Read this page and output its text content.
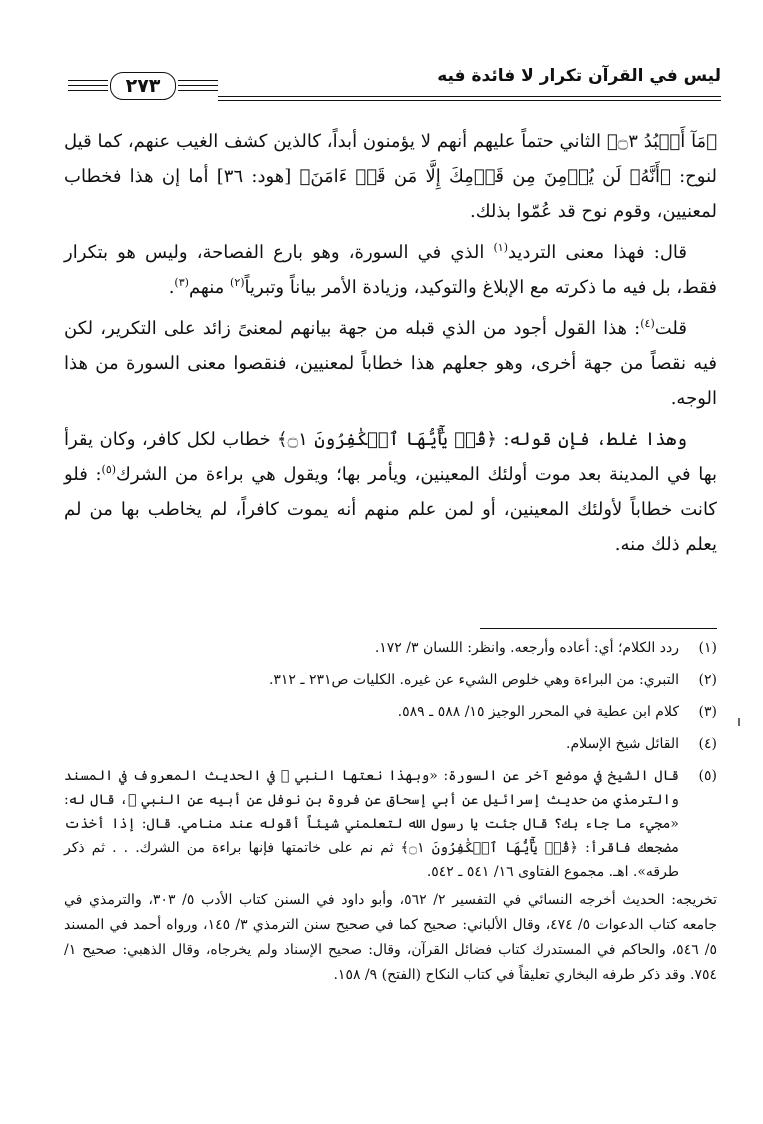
ليس في القرآن تكرار لا فائدة فيه
٢٧٣

﴿مَآ أَعۡبُدُ ۝٣﴾ الثاني حتماً عليهم أنهم لا يؤمنون أبداً، كالذين كشف الغيب عنهم، كما قيل لنوح: ﴿أَنَّهُۥ لَن يُؤۡمِنَ مِن قَوۡمِكَ إِلَّا مَن قَدۡ ءَامَنَ﴾ [هود: ٣٦] أما إن هذا فخطاب لمعنيين، وقوم نوح قد عُمّوا بذلك.

قال: فهذا معنى الترديد$^{(١)}$ الذي في السورة، وهو بارع الفصاحة، وليس هو بتكرار فقط، بل فيه ما ذكرته مع الإبلاغ والتوكيد، وزيادة الأمر بياناً وتبرياً$^{(٢)}$ منهم$^{(٣)}$.

قلت$^{(٤)}$: هذا القول أجود من الذي قبله من جهة بيانهم لمعنىً زائد على التكرير، لكن فيه نقصاً من جهة أخرى، وهو جعلهم هذا خطاباً لمعنيين، فنقصوا معنى السورة من هذا الوجه.

وهذا غلط، فإن قوله: ﴿قُلۡ يَٰٓأَيُّهَا ٱلۡكَٰفِرُونَ ۝١﴾ خطاب لكل كافر، وكان يقرأ بها في المدينة بعد موت أولئك المعينين، ويأمر بها؛ ويقول هي براءة من الشرك$^{(٥)}$: فلو كانت خطاباً لأولئك المعينين، أو لمن علم منهم أنه يموت كافراً، لم يخاطب بها من لم يعلم ذلك منه.

(١)
ردد الكلام؛ أي: أعاده وأرجعه. وانظر: اللسان ٣/ ١٧٢.
(٢)
التبري: من البراءة وهي خلوص الشيء عن غيره. الكليات ص٢٣١ ـ ٣١٢.
(٣)
كلام ابن عطية في المحرر الوجيز ١٥/ ٥٨٨ ـ ٥٨٩.
(٤)
القائل شيخ الإسلام.
(٥)
قال الشيخ في موضع آخر عن السورة: «وبهذا نعتها النبي ﷺ في الحديث المعروف في المسند والترمذي من حديث إسرائيل عن أبي إسحاق عن فروة بن نوفل عن أبيه عن النبي ﷺ، قال له: «مجيء ما جاء بك؟ قال جئت يا رسول الله لتعلمني شيئاً أقوله عند منامي. قال: إذا أخذت مضجعك فاقرأ: ﴿قُلۡ يَٰٓأَيُّهَا ٱلۡكَٰفِرُونَ ۝١﴾ ثم نم على خاتمتها فإنها براءة من الشرك. . . ثم ذكر طرقه». اهـ. مجموع الفتاوى ١٦/ ٥٤١ ـ ٥٤٢.
تخريجه: الحديث أخرجه النسائي في التفسير ٢/ ٥٦٢، وأبو داود في السنن كتاب الأدب ٥/ ٣٠٣، والترمذي في جامعه كتاب الدعوات ٥/ ٤٧٤، وقال الألباني: صحيح كما في صحيح سنن الترمذي ٣/ ١٤٥، ورواه أحمد في المسند ٥/ ٥٤٦، والحاكم في المستدرك كتاب فضائل القرآن، وقال: صحيح الإسناد ولم يخرجاه، وقال الذهبي: صحيح ١/ ٧٥٤. وقد ذكر طرفه البخاري تعليقاً في كتاب النكاح (الفتح) ٩/ ١٥٨.
